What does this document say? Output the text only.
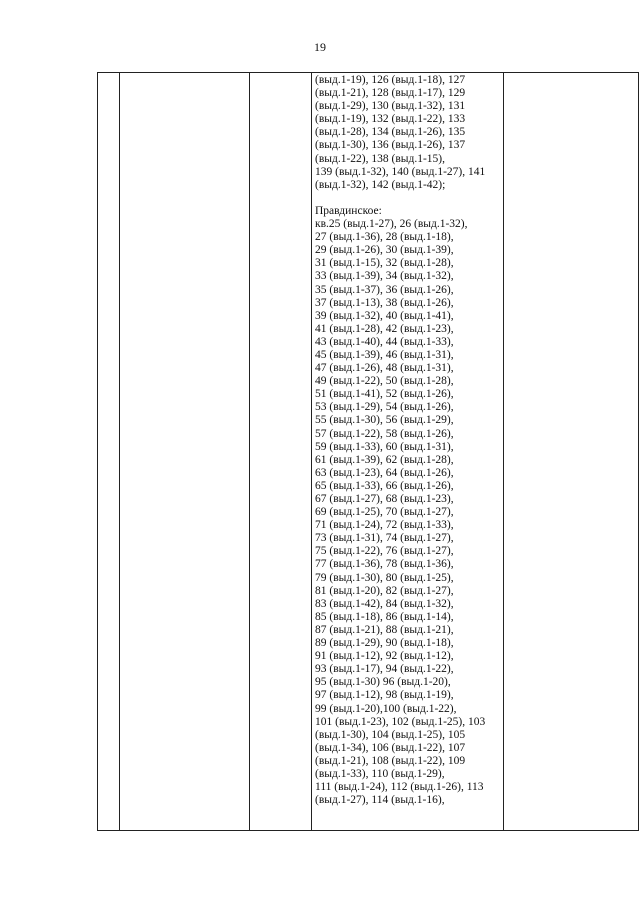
19
(выд.1-19), 126 (выд.1-18), 127
(выд.1-21), 128 (выд.1-17), 129
(выд.1-29), 130 (выд.1-32), 131
(выд.1-19), 132 (выд.1-22), 133
(выд.1-28), 134 (выд.1-26), 135
(выд.1-30), 136 (выд.1-26), 137
(выд.1-22), 138 (выд.1-15),
139 (выд.1-32), 140 (выд.1-27), 141
(выд.1-32), 142 (выд.1-42);
Правдинское:
кв.25 (выд.1-27), 26 (выд.1-32),
27 (выд.1-36), 28 (выд.1-18),
29 (выд.1-26), 30 (выд.1-39),
31 (выд.1-15), 32 (выд.1-28),
33 (выд.1-39), 34 (выд.1-32),
35 (выд.1-37), 36 (выд.1-26),
37 (выд.1-13), 38 (выд.1-26),
39 (выд.1-32), 40 (выд.1-41),
41 (выд.1-28), 42 (выд.1-23),
43 (выд.1-40), 44 (выд.1-33),
45 (выд.1-39), 46 (выд.1-31),
47 (выд.1-26), 48 (выд.1-31),
49 (выд.1-22), 50 (выд.1-28),
51 (выд.1-41), 52 (выд.1-26),
53 (выд.1-29), 54 (выд.1-26),
55 (выд.1-30), 56 (выд.1-29),
57 (выд.1-22), 58 (выд.1-26),
59 (выд.1-33), 60 (выд.1-31),
61 (выд.1-39), 62 (выд.1-28),
63 (выд.1-23), 64 (выд.1-26),
65 (выд.1-33), 66 (выд.1-26),
67 (выд.1-27), 68 (выд.1-23),
69 (выд.1-25), 70 (выд.1-27),
71 (выд.1-24), 72 (выд.1-33),
73 (выд.1-31), 74 (выд.1-27),
75 (выд.1-22), 76 (выд.1-27),
77 (выд.1-36), 78 (выд.1-36),
79 (выд.1-30), 80 (выд.1-25),
81 (выд.1-20), 82 (выд.1-27),
83 (выд.1-42), 84 (выд.1-32),
85 (выд.1-18), 86 (выд.1-14),
87 (выд.1-21), 88 (выд.1-21),
89 (выд.1-29), 90 (выд.1-18),
91 (выд.1-12), 92 (выд.1-12),
93 (выд.1-17), 94 (выд.1-22),
95 (выд.1-30) 96 (выд.1-20),
97 (выд.1-12), 98 (выд.1-19),
99 (выд.1-20),100 (выд.1-22),
101 (выд.1-23), 102 (выд.1-25), 103
(выд.1-30), 104 (выд.1-25), 105
(выд.1-34), 106 (выд.1-22), 107
(выд.1-21), 108 (выд.1-22), 109
(выд.1-33), 110 (выд.1-29),
111 (выд.1-24), 112 (выд.1-26), 113
(выд.1-27), 114 (выд.1-16),
